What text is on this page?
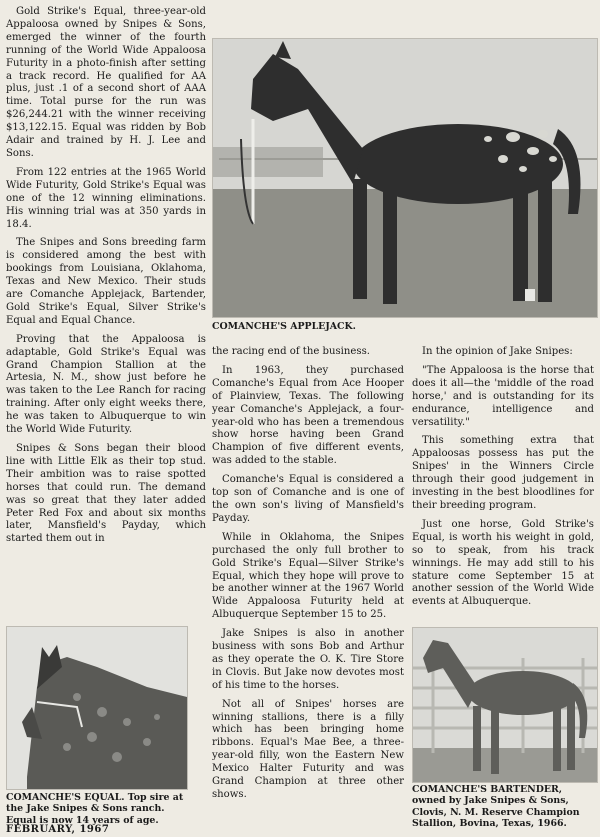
Gold Strike's Equal, three-year-old Appaloosa owned by Snipes & Sons, emerged the winner of the fourth running of the World Wide Appaloosa Futurity in a photo-finish after setting a track record. He qualified for AA plus, just .1 of a second short of AAA time. Total purse for the run was $26,244.21 with the winner receiving $13,122.15. Equal was ridden by Bob Adair and trained by H. J. Lee and Sons.

From 122 entries at the 1965 World Wide Futurity, Gold Strike's Equal was one of the 12 winning eliminations. His winning trial was at 350 yards in 18.4.

The Snipes and Sons breeding farm is considered among the best with bookings from Louisiana, Oklahoma, Texas and New Mexico. Their studs are Comanche Applejack, Bartender, Gold Strike's Equal, Silver Strike's Equal and Equal Chance.

Proving that the Appaloosa is adaptable, Gold Strike's Equal was Grand Champion Stallion at the Artesia, N. M., show just before he was taken to the Lee Ranch for racing training. After only eight weeks there, he was taken to Albuquerque to win the World Wide Futurity.

Snipes & Sons began their blood line with Little Elk as their top stud. Their ambition was to raise spotted horses that could run. The demand was so great that they later added Peter Red Fox and about six months later, Mansfield's Payday, which started them out in

COMANCHE'S APPLEJACK.

the racing end of the business.

In 1963, they purchased Comanche's Equal from Ace Hooper of Plainview, Texas. The following year Comanche's Applejack, a four-year-old who has been a tremendous show horse having been Grand Champion of five different events, was added to the stable.

Comanche's Equal is considered a top son of Comanche and is one of the own son's living of Mansfield's Payday.

While in Oklahoma, the Snipes purchased the only full brother to Gold Strike's Equal—Silver Strike's Equal, which they hope will prove to be another winner at the 1967 World Wide Appaloosa Futurity held at Albuquerque September 15 to 25.

Jake Snipes is also in another business with sons Bob and Arthur as they operate the O. K. Tire Store in Clovis. But Jake now devotes most of his time to the horses.

Not all of Snipes' horses are winning stallions, there is a filly which has been bringing home ribbons. Equal's Mae Bee, a three-year-old filly, won the Eastern New Mexico Halter Futurity and was Grand Champion at three other shows.

In the opinion of Jake Snipes:

"The Appaloosa is the horse that does it all—the 'middle of the road horse,' and is outstanding for its endurance, intelligence and versatility."

This something extra that Appaloosas possess has put the Snipes' in the Winners Circle through their good judgement in investing in the best bloodlines for their breeding program.

Just one horse, Gold Strike's Equal, is worth his weight in gold, so to speak, from his track winnings. He may add still to his stature come September 15 at another session of the World Wide events at Albuquerque.

COMANCHE'S EQUAL. Top sire at the Jake Snipes & Sons ranch. Equal is now 14 years of age.
COMANCHE'S BARTENDER, owned by Jake Snipes & Sons, Clovis, N. M. Reserve Champion Stallion, Bovina, Texas, 1966.
FEBRUARY, 1967
